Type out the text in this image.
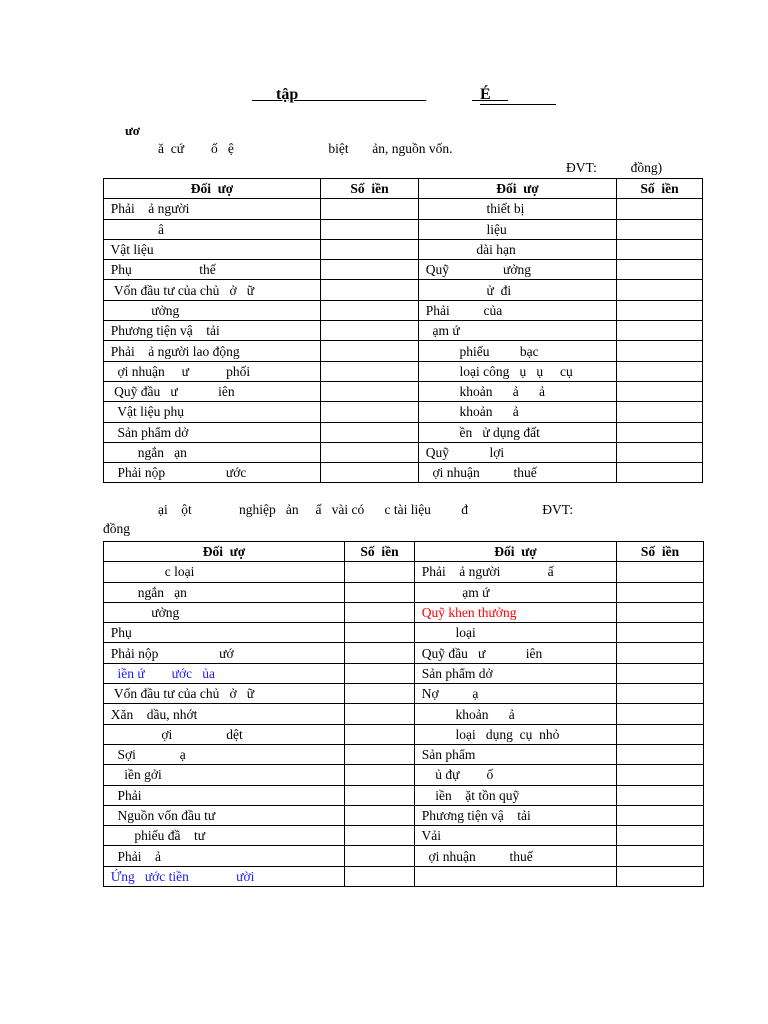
tập
	É
ươ
ă  cứ        ố   ệ                            biệt       ản, nguồn vốn.
ĐVT:          đồng)
Đối  ượ	Số  iền	Đối  ượ	Số  iền
Phải    ả người		thiết bị	
â		liệu	
Vật liệu		dài hạn	
Phụ                    thế		Quỹ                ưởng	
Vốn đầu tư của chủ   ở   ữ		ử  đi	
ưởng		Phải          của	
Phương tiện vậ    tải		ạm ứ	
Phải    ả người lao động		phiếu         bạc	
ợi nhuận     ư           phối		loại công   ụ   ụ     cụ	
Quỹ đầu   ư            iên		khoản      ả      ả	
Vật liệu phụ		khoản      ả	
Sản phẩm dở		ền   ử dụng đất	
ngắn   ạn		Quỹ            lợi	
Phải nộp                  ước		ợi nhuận          thuế	
ại    ột              nghiệp   ản     ấ   vài có      c tài liệu         đ                      ĐVT:
đồng
Đối  ượ	Số  iền	Đối  ượ	Số  iền
c loại		Phải    ả người              ấ	
ngắn   ạn		ạm ứ	
ưởng		Quỹ khen thưởng	
Phụ		loại	
Phải nộp                  ướ		Quỹ đầu   ư            iên	
iền ứ        ước   ủa		Sản phẩm dở	
Vốn đầu tư của chủ   ở   ữ		Nợ          ạ	
Xăn    dầu, nhớt		khoản      ả	
ợi                dệt		loại   dụng  cụ  nhỏ	
Sợi             ạ		Sản phẩm	
iền gởi		ủ đự        ố	
Phải		iền    ặt tồn quỹ	
Nguồn vốn đầu tư		Phương tiện vậ    tải	
phiếu đầ    tư		Vải	
Phải    ả		ợi nhuận          thuế	
Ứng   ước tiền              ười			
